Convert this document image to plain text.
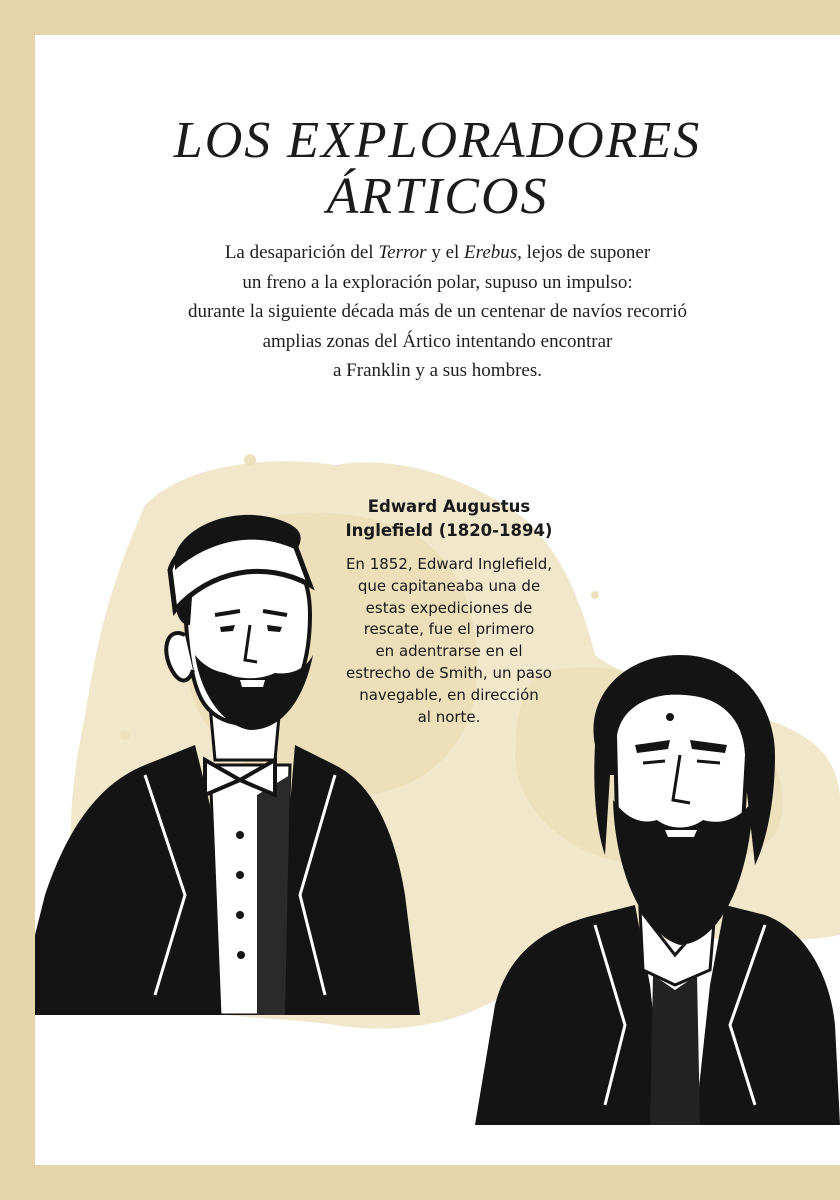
LOS EXPLORADORES
ÁRTICOS
La desaparición del Terror y el Erebus, lejos de suponer
un freno a la exploración polar, supuso un impulso:
durante la siguiente década más de un centenar de navíos recorrió
amplias zonas del Ártico intentando encontrar
a Franklin y a sus hombres.
Edward Augustus
Inglefield (1820-1894)
En 1852, Edward Inglefield,
que capitaneaba una de
estas expediciones de
rescate, fue el primero
en adentrarse en el
estrecho de Smith, un paso
navegable, en dirección
al norte.
